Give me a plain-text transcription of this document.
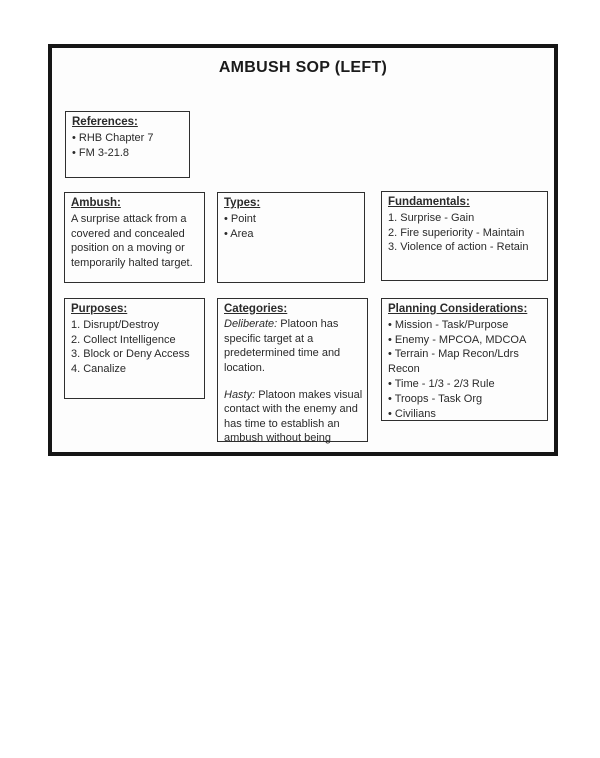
AMBUSH SOP (LEFT)
References:
• RHB Chapter 7
• FM 3-21.8
Ambush:
A surprise attack from a covered and concealed position on a moving or temporarily halted target.
Types:
• Point
• Area
Fundamentals:
1. Surprise - Gain
2. Fire superiority - Maintain
3. Violence of action - Retain
Purposes:
1. Disrupt/Destroy
2. Collect Intelligence
3. Block or Deny Access
4. Canalize
Categories:
Deliberate: Platoon has specific target at a predetermined time and location.
Hasty: Platoon makes visual contact with the enemy and has time to establish an ambush without being
Planning Considerations:
• Mission - Task/Purpose
• Enemy - MPCOA, MDCOA
• Terrain - Map Recon/Ldrs Recon
• Time - 1/3 - 2/3 Rule
• Troops - Task Org
• Civilians
